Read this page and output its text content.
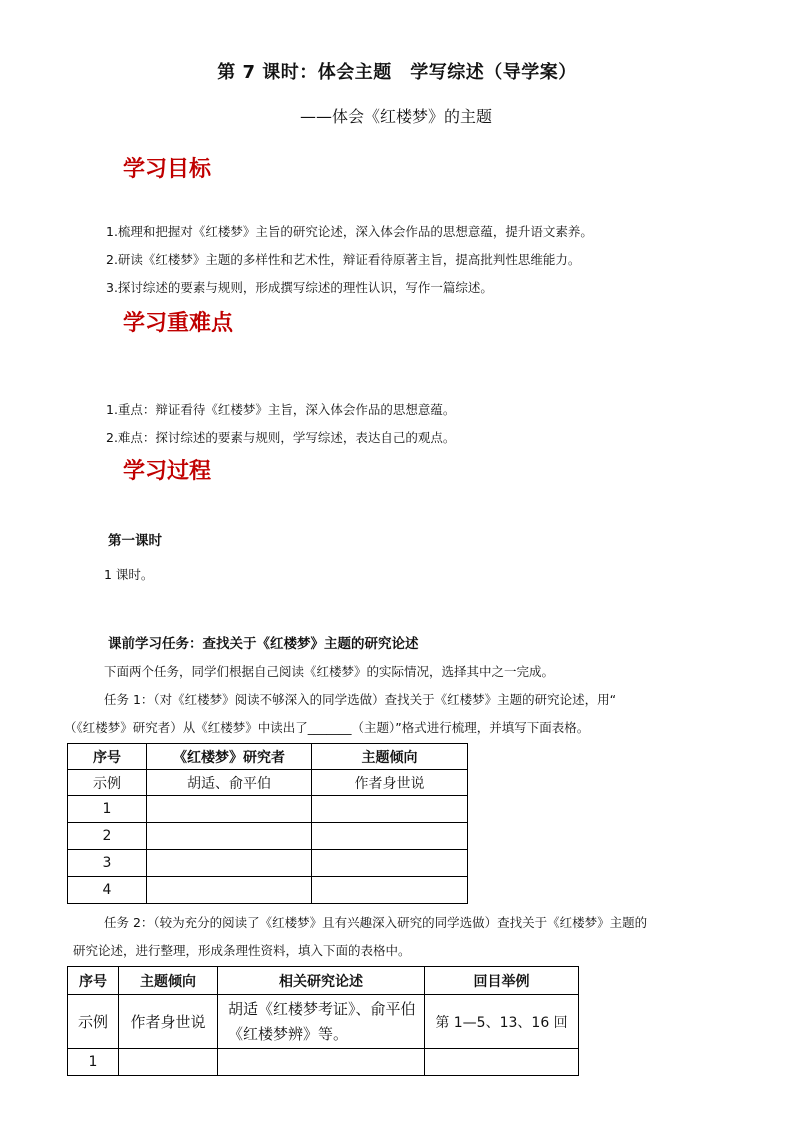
第 7 课时：体会主题　学写综述（导学案）
——体会《红楼梦》的主题
学习目标
1.梳理和把握对《红楼梦》主旨的研究论述，深入体会作品的思想意蕴，提升语文素养。
2.研读《红楼梦》主题的多样性和艺术性，辩证看待原著主旨，提高批判性思维能力。
3.探讨综述的要素与规则，形成撰写综述的理性认识，写作一篇综述。
学习重难点
1.重点：辩证看待《红楼梦》主旨，深入体会作品的思想意蕴。
2.难点：探讨综述的要素与规则，学写综述，表达自己的观点。
学习过程
第一课时
1 课时。
课前学习任务：查找关于《红楼梦》主题的研究论述
下面两个任务，同学们根据自己阅读《红楼梦》的实际情况，选择其中之一完成。
任务 1：（对《红楼梦》阅读不够深入的同学选做）查找关于《红楼梦》主题的研究论述，用“
（《红楼梦》研究者）从《红楼梦》中读出了_______（主题）”格式进行梳理，并填写下面表格。
序号	《红楼梦》研究者	主题倾向
示例	胡适、俞平伯	作者身世说
1		
2		
3		
4		
任务 2：（较为充分的阅读了《红楼梦》且有兴趣深入研究的同学选做）查找关于《红楼梦》主题的
研究论述，进行整理，形成条理性资料，填入下面的表格中。
序号	主题倾向	相关研究论述	回目举例
示例	作者身世说	胡适《红楼梦考证》、俞平伯《红楼梦辨》等。	第 1—5、13、16 回
1			
